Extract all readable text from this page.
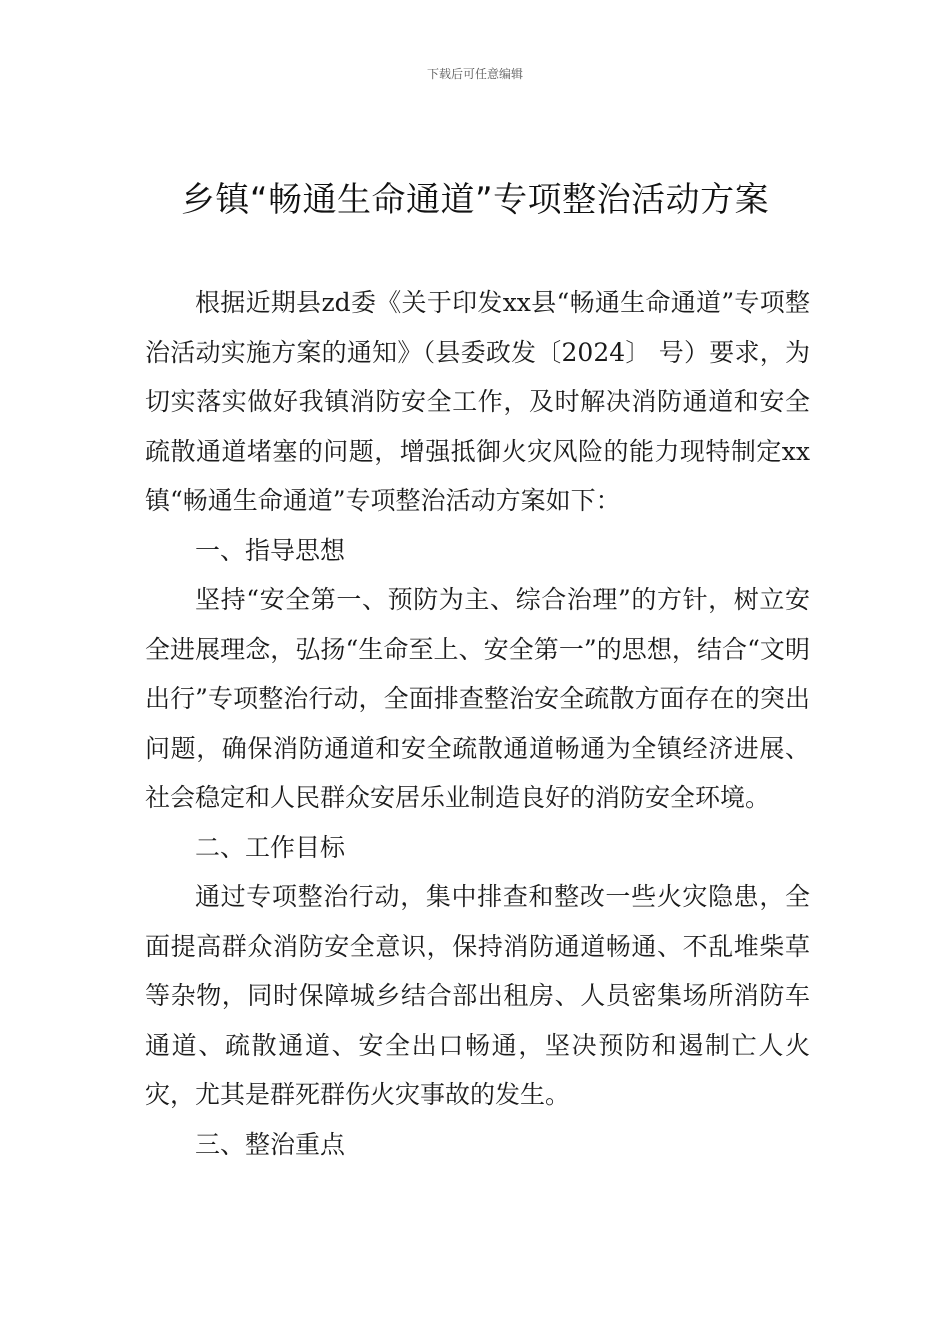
下载后可任意编辑
乡镇“畅通生命通道”专项整治活动方案

根据近期县zd委《关于印发xx县“畅通生命通道”专项整治活动实施方案的通知》（县委政发〔2024〕 号）要求，为切实落实做好我镇消防安全工作，及时解决消防通道和安全疏散通道堵塞的问题，增强抵御火灾风险的能力现特制定xx镇“畅通生命通道”专项整治活动方案如下：

一、指导思想

坚持“安全第一、预防为主、综合治理”的方针，树立安全进展理念，弘扬“生命至上、安全第一”的思想，结合“文明出行”专项整治行动，全面排查整治安全疏散方面存在的突出问题，确保消防通道和安全疏散通道畅通为全镇经济进展、社会稳定和人民群众安居乐业制造良好的消防安全环境。

二、工作目标

通过专项整治行动，集中排查和整改一些火灾隐患，全面提高群众消防安全意识，保持消防通道畅通、不乱堆柴草等杂物，同时保障城乡结合部出租房、人员密集场所消防车通道、疏散通道、安全出口畅通，坚决预防和遏制亡人火灾，尤其是群死群伤火灾事故的发生。

三、整治重点
